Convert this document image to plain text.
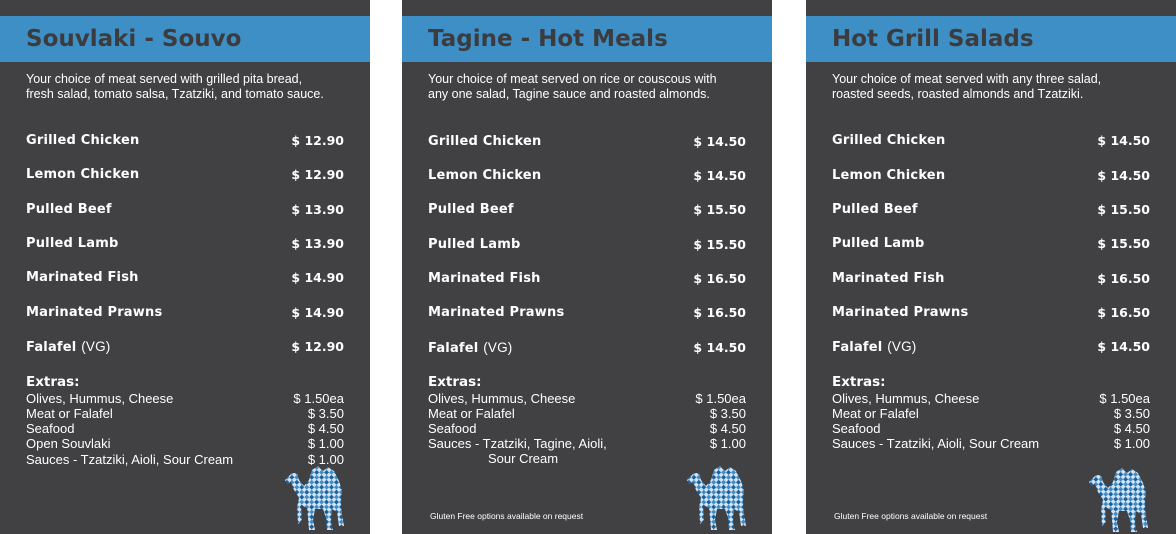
Souvlaki - Souvo
Your choice of meat served with grilled pita bread, fresh salad, tomato salsa, Tzatziki, and tomato sauce.
Grilled Chicken	$ 12.90
Lemon Chicken	$ 12.90
Pulled Beef	$ 13.90
Pulled Lamb	$ 13.90
Marinated Fish	$ 14.90
Marinated Prawns	$ 14.90
Falafel (VG)	$ 12.90
Extras:
Olives, Hummus, Cheese	$ 1.50ea
Meat or Falafel	$ 3.50
Seafood	$ 4.50
Open Souvlaki	$ 1.00
Sauces - Tzatziki, Aioli, Sour Cream	$ 1.00
Tagine - Hot Meals
Your choice of meat served on rice or couscous with any one salad, Tagine sauce and roasted almonds.
Grilled Chicken	$ 14.50
Lemon Chicken	$ 14.50
Pulled Beef	$ 15.50
Pulled Lamb	$ 15.50
Marinated Fish	$ 16.50
Marinated Prawns	$ 16.50
Falafel (VG)	$ 14.50
Extras:
Olives, Hummus, Cheese	$ 1.50ea
Meat or Falafel	$ 3.50
Seafood	$ 4.50
Sauces - Tzatziki, Tagine, Aioli,	$ 1.00
Sour Cream
Gluten Free options available on request
Hot Grill Salads
Your choice of meat served with any three salad, roasted seeds, roasted almonds and Tzatziki.
Grilled Chicken	$ 14.50
Lemon Chicken	$ 14.50
Pulled Beef	$ 15.50
Pulled Lamb	$ 15.50
Marinated Fish	$ 16.50
Marinated Prawns	$ 16.50
Falafel (VG)	$ 14.50
Extras:
Olives, Hummus, Cheese	$ 1.50ea
Meat or Falafel	$ 3.50
Seafood	$ 4.50
Sauces - Tzatziki, Aioli, Sour Cream	$ 1.00
Gluten Free options available on request
